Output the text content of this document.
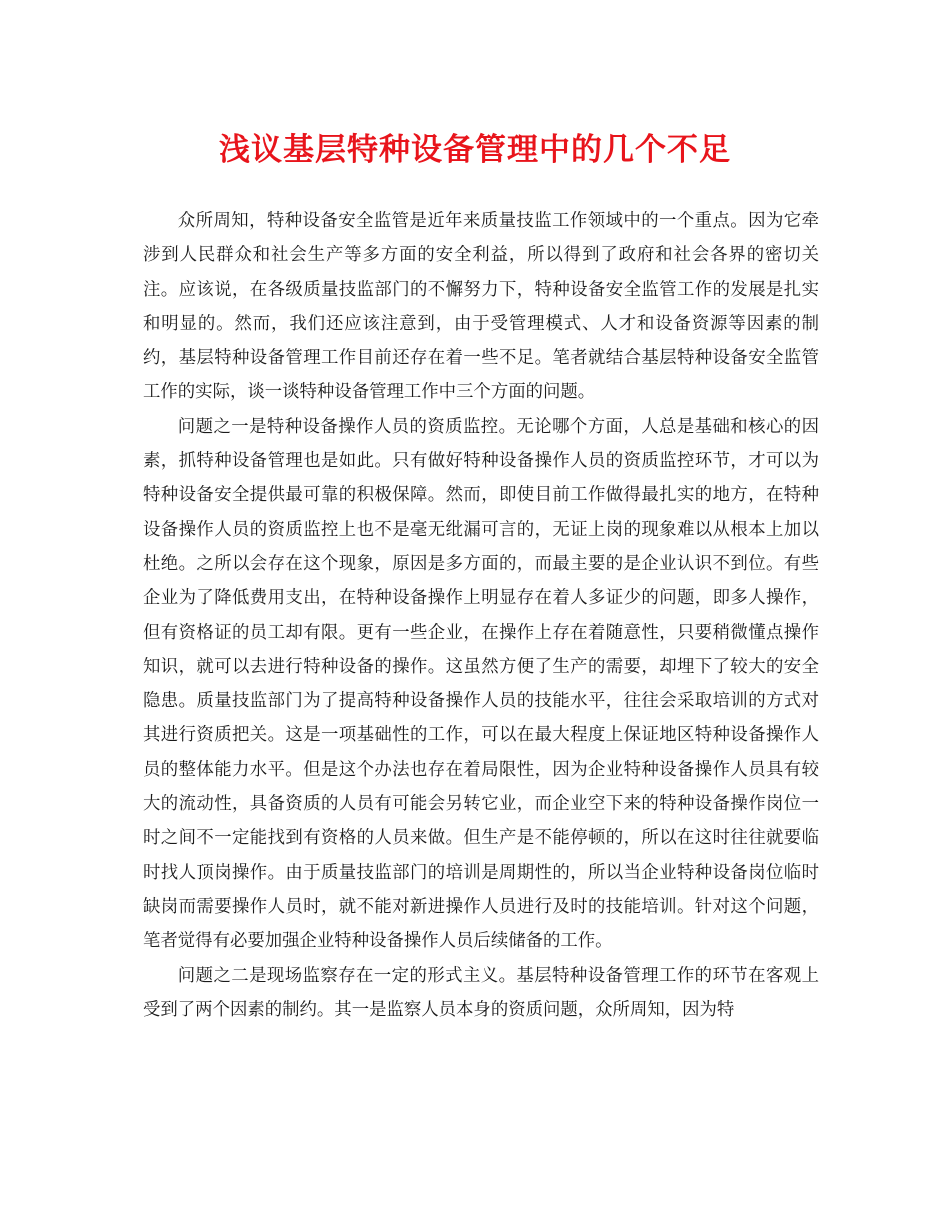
浅议基层特种设备管理中的几个不足

众所周知，特种设备安全监管是近年来质量技监工作领域中的一个重点。因为它牵涉到人民群众和社会生产等多方面的安全利益，所以得到了政府和社会各界的密切关注。应该说，在各级质量技监部门的不懈努力下，特种设备安全监管工作的发展是扎实和明显的。然而，我们还应该注意到，由于受管理模式、人才和设备资源等因素的制约，基层特种设备管理工作目前还存在着一些不足。笔者就结合基层特种设备安全监管工作的实际，谈一谈特种设备管理工作中三个方面的问题。

问题之一是特种设备操作人员的资质监控。无论哪个方面，人总是基础和核心的因素，抓特种设备管理也是如此。只有做好特种设备操作人员的资质监控环节，才可以为特种设备安全提供最可靠的积极保障。然而，即使目前工作做得最扎实的地方，在特种设备操作人员的资质监控上也不是毫无纰漏可言的，无证上岗的现象难以从根本上加以杜绝。之所以会存在这个现象，原因是多方面的，而最主要的是企业认识不到位。有些企业为了降低费用支出，在特种设备操作上明显存在着人多证少的问题，即多人操作，但有资格证的员工却有限。更有一些企业，在操作上存在着随意性，只要稍微懂点操作知识，就可以去进行特种设备的操作。这虽然方便了生产的需要，却埋下了较大的安全隐患。质量技监部门为了提高特种设备操作人员的技能水平，往往会采取培训的方式对其进行资质把关。这是一项基础性的工作，可以在最大程度上保证地区特种设备操作人员的整体能力水平。但是这个办法也存在着局限性，因为企业特种设备操作人员具有较大的流动性，具备资质的人员有可能会另转它业，而企业空下来的特种设备操作岗位一时之间不一定能找到有资格的人员来做。但生产是不能停顿的，所以在这时往往就要临时找人顶岗操作。由于质量技监部门的培训是周期性的，所以当企业特种设备岗位临时缺岗而需要操作人员时，就不能对新进操作人员进行及时的技能培训。针对这个问题，笔者觉得有必要加强企业特种设备操作人员后续储备的工作。

问题之二是现场监察存在一定的形式主义。基层特种设备管理工作的环节在客观上受到了两个因素的制约。其一是监察人员本身的资质问题，众所周知，因为特
